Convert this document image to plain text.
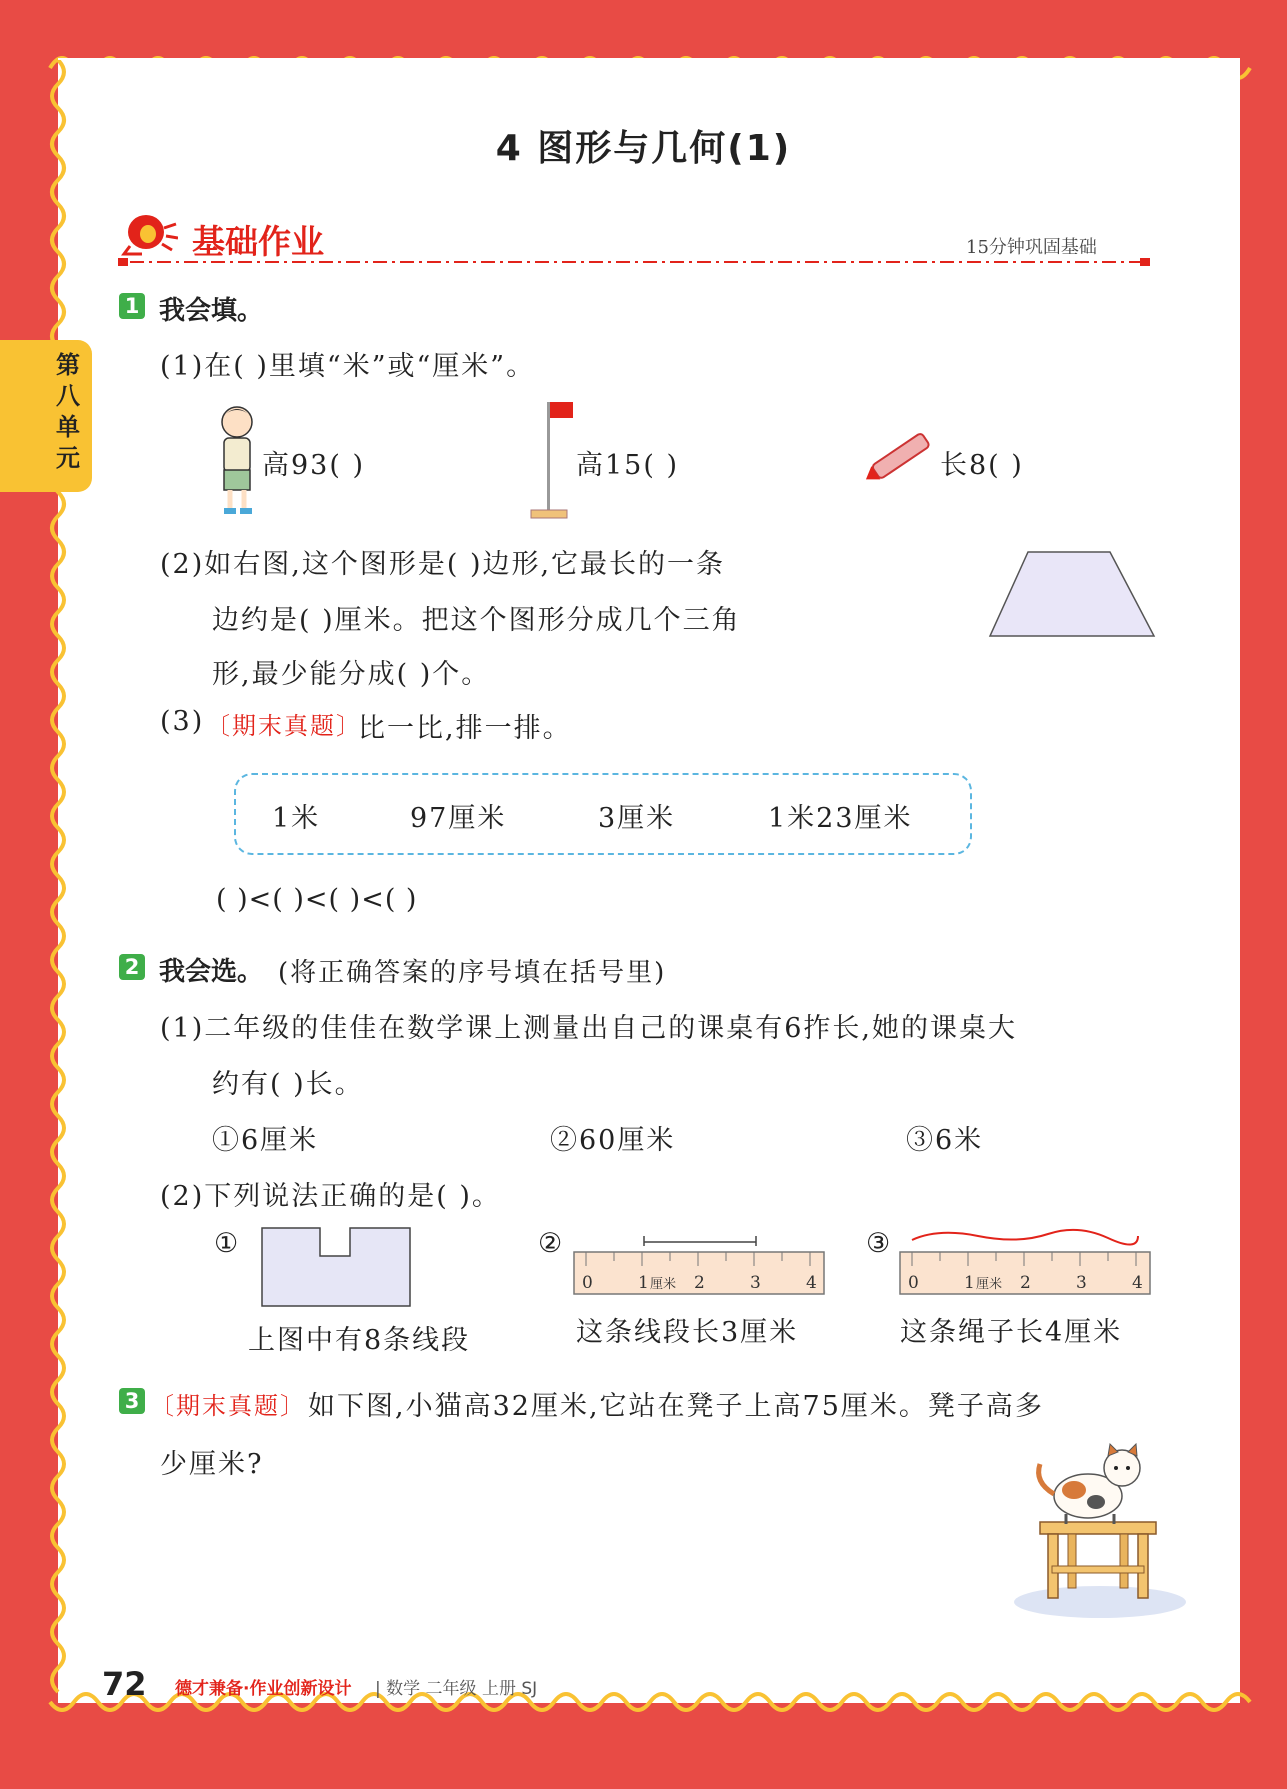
第八单元
4 图形与几何(1)
基础作业	15分钟巩固基础
1 我会填。
(1)在( )里填“米”或“厘米”。
高93( )	高15( )	长8( )
(2)如右图,这个图形是( )边形,它最长的一条
边约是( )厘米。把这个图形分成几个三角
形,最少能分成( )个。
(3) 〔期末真题〕
比一比,排一排。
1米	97厘米	3厘米	1米23厘米
( )<( )<( )<( )
2 我会选。 (将正确答案的序号填在括号里)
(1)二年级的佳佳在数学课上测量出自己的课桌有6拃长,她的课桌大
约有( )长。
①6厘米	②60厘米	③6米
(2)下列说法正确的是( )。
①
上图中有8条线段
②
0	1 厘米 2	3	4
这条线段长3厘米
③
0	1 厘米 2	3	4
这条绳子长4厘米
3 〔期末真题〕 如下图,小猫高32厘米,它站在凳子上高75厘米。凳子高多
少厘米?
72 德才兼备·作业创新设计 | 数学 二年级 上册 SJ
